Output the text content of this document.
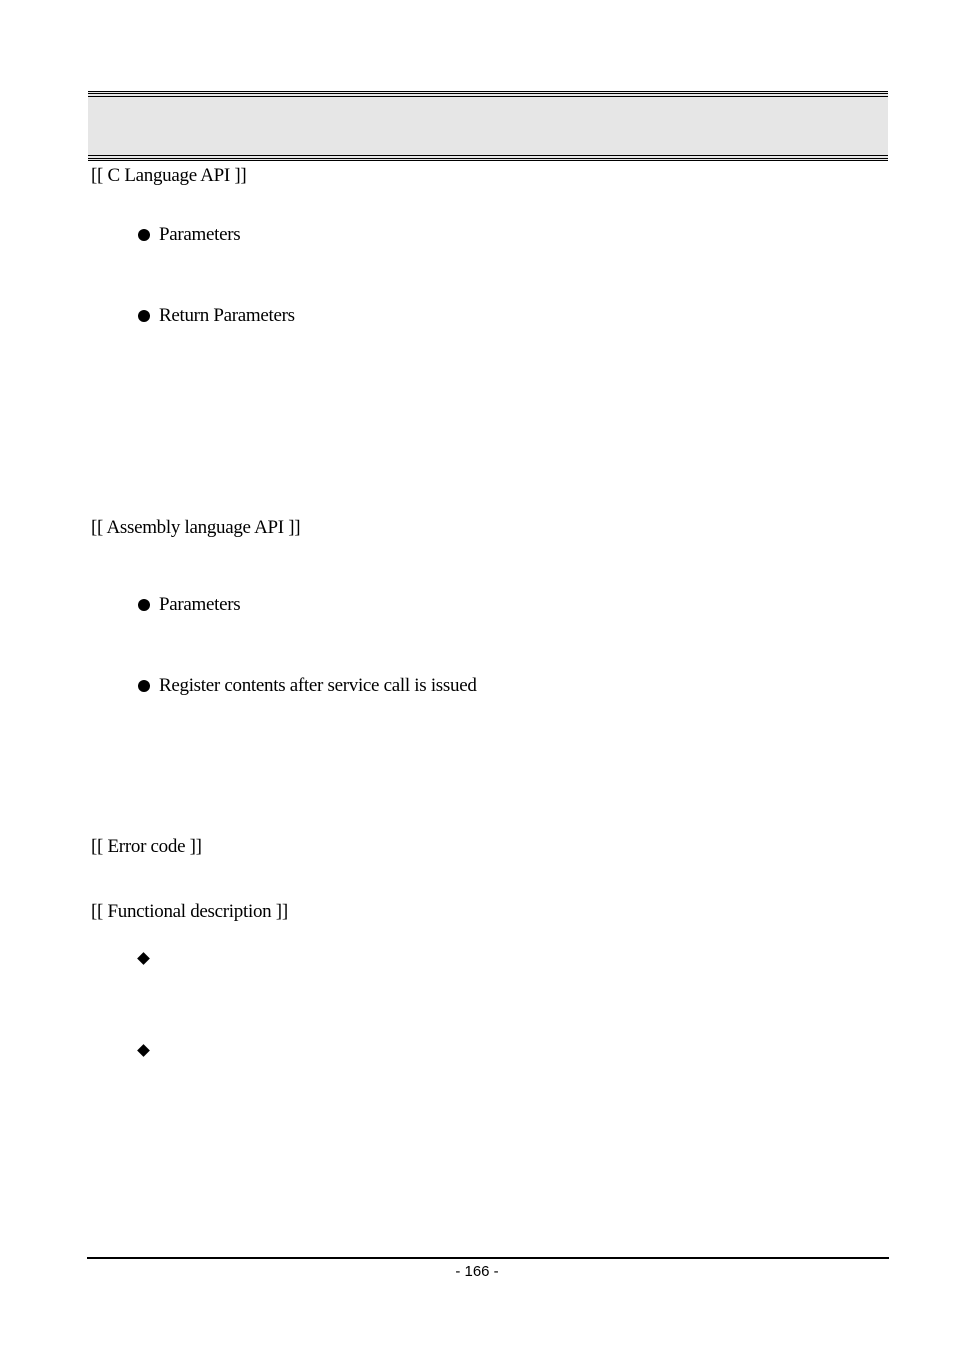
[[ C Language API ]]
Parameters
Return Parameters
[[ Assembly language API ]]
Parameters
Register contents after service call is issued
[[ Error code ]]
[[ Functional description ]]
- 166 -
